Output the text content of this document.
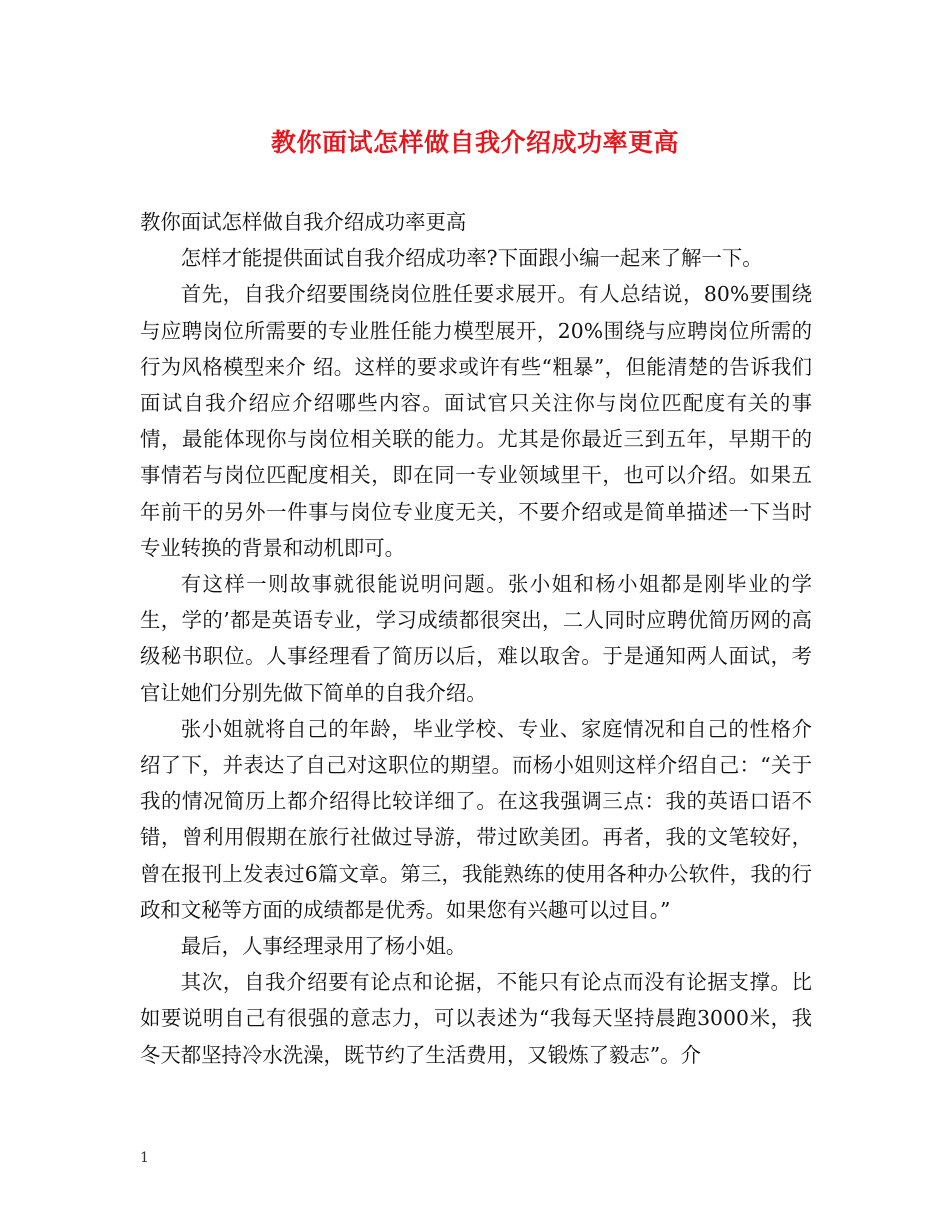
教你面试怎样做自我介绍成功率更高

教你面试怎样做自我介绍成功率更高

怎样才能提供面试自我介绍成功率?下面跟小编一起来了解一下。

首先，自我介绍要围绕岗位胜任要求展开。有人总结说，80%要围绕与应聘岗位所需要的专业胜任能力模型展开，20%围绕与应聘岗位所需的行为风格模型来介 绍。这样的要求或许有些“粗暴”，但能清楚的告诉我们面试自我介绍应介绍哪些内容。面试官只关注你与岗位匹配度有关的事情，最能体现你与岗位相关联的能力。尤其是你最近三到五年，早期干的事情若与岗位匹配度相关，即在同一专业领域里干，也可以介绍。如果五年前干的另外一件事与岗位专业度无关，不要介绍或是简单描述一下当时专业转换的背景和动机即可。

有这样一则故事就很能说明问题。张小姐和杨小姐都是刚毕业的学生，学的’都是英语专业，学习成绩都很突出，二人同时应聘优简历网的高级秘书职位。人事经理看了简历以后，难以取舍。于是通知两人面试，考官让她们分别先做下简单的自我介绍。

张小姐就将自己的年龄，毕业学校、专业、家庭情况和自己的性格介绍了下，并表达了自己对这职位的期望。而杨小姐则这样介绍自己：“关于我的情况简历上都介绍得比较详细了。在这我强调三点：我的英语口语不错，曾利用假期在旅行社做过导游，带过欧美团。再者，我的文笔较好，曾在报刊上发表过6篇文章。第三，我能熟练的使用各种办公软件，我的行政和文秘等方面的成绩都是优秀。如果您有兴趣可以过目。”

最后，人事经理录用了杨小姐。

其次，自我介绍要有论点和论据，不能只有论点而没有论据支撑。比如要说明自己有很强的意志力，可以表述为“我每天坚持晨跑3000米，我冬天都坚持冷水洗澡，既节约了生活费用，又锻炼了毅志”。介

1
